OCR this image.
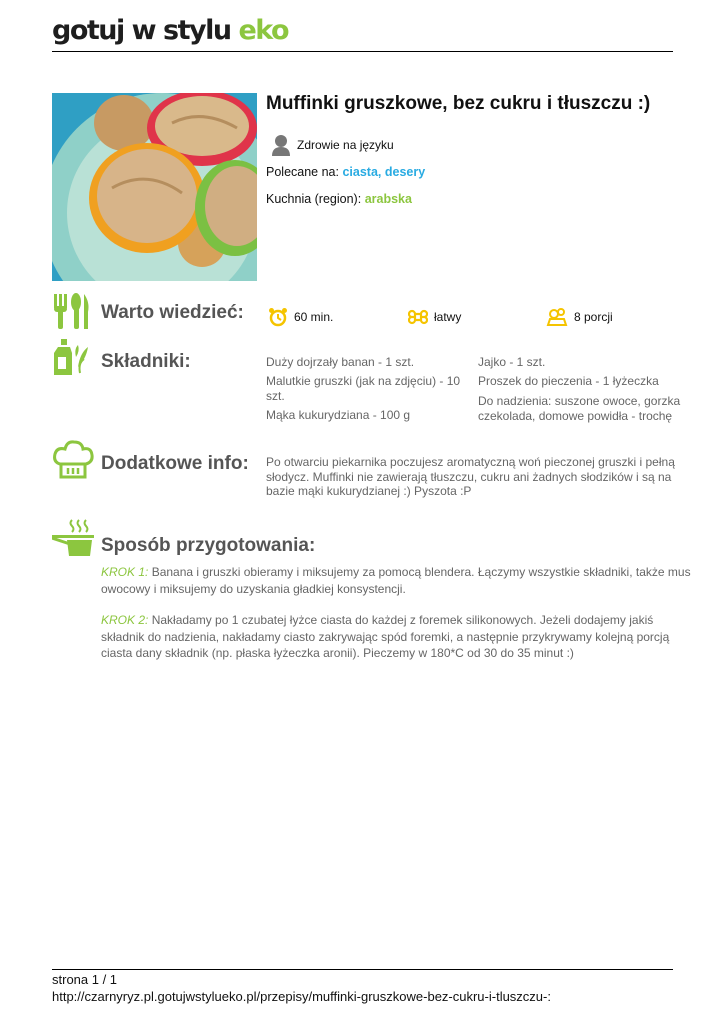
gotuj w stylu eko
Muffinki gruszkowe, bez cukru i tłuszczu :)
Zdrowie na języku
Polecane na: ciasta, desery
Kuchnia (region): arabska
Warto wiedzieć:	60 min.	łatwy	8 porcji
Składniki:	Duży dojrzały banan - 1 szt.
Malutkie gruszki (jak na zdjęciu) - 10 szt.
Mąka kukurydziana - 100 g
Jajko - 1 szt.
Proszek do pieczenia - 1 łyżeczka
Do nadzienia: suszone owoce, gorzka czekolada, domowe powidła - trochę
Dodatkowe info: Po otwarciu piekarnika poczujesz aromatyczną woń pieczonej gruszki i pełną słodycz. Muffinki nie zawierają tłuszczu, cukru ani żadnych słodzików i są na bazie mąki kukurydzianej :) Pyszota :P
Sposób przygotowania:
KROK 1: Banana i gruszki obieramy i miksujemy za pomocą blendera. Łączymy wszystkie składniki, także mus owocowy i miksujemy do uzyskania gładkiej konsystencji.
KROK 2: Nakładamy po 1 czubatej łyżce ciasta do każdej z foremek silikonowych. Jeżeli dodajemy jakiś składnik do nadzienia, nakładamy ciasto zakrywając spód foremki, a następnie przykrywamy kolejną porcją ciasta dany składnik (np. płaska łyżeczka aronii). Pieczemy w 180*C od 30 do 35 minut :)
strona 1 / 1
http://czarnyryz.pl.gotujwstylueko.pl/przepisy/muffinki-gruszkowe-bez-cukru-i-tluszczu-:
